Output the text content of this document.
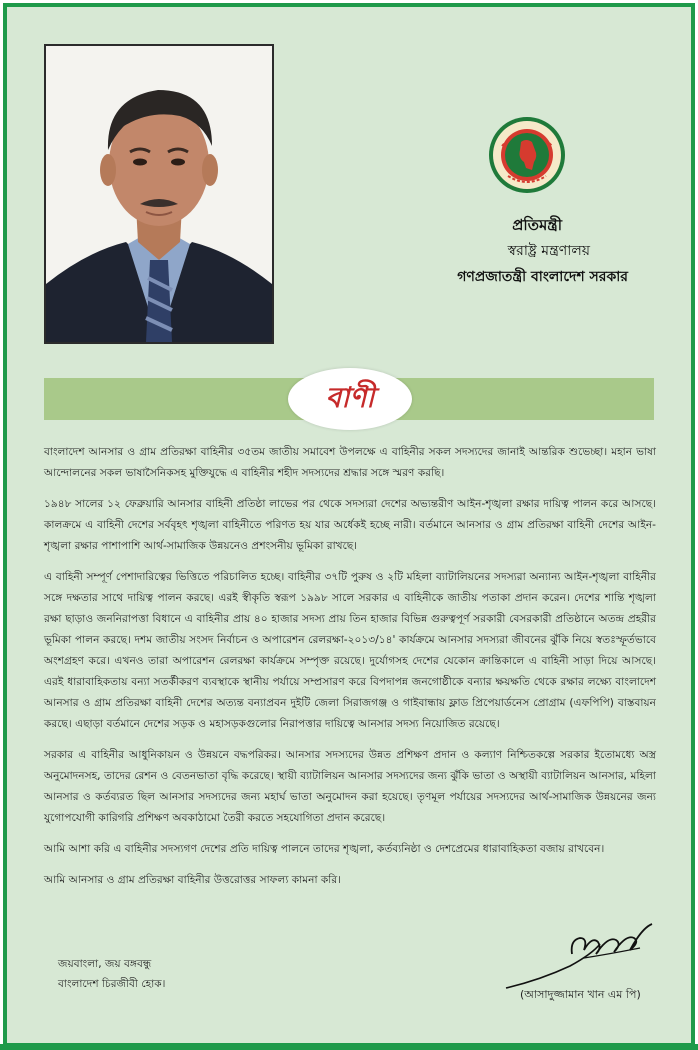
প্রতিমন্ত্রী
স্বরাষ্ট্র মন্ত্রণালয়
গণপ্রজাতন্ত্রী বাংলাদেশ সরকার
বাণী

বাংলাদেশ আনসার ও গ্রাম প্রতিরক্ষা বাহিনীর ৩৫তম জাতীয় সমাবেশ উপলক্ষে এ বাহিনীর সকল সদস্যদের জানাই আন্তরিক শুভেচ্ছা। মহান ভাষা আন্দোলনের সকল ভাষাসৈনিকসহ মুক্তিযুদ্ধে এ বাহিনীর শহীদ সদস্যদের শ্রদ্ধার সঙ্গে স্মরণ করছি।

১৯৪৮ সালের ১২ ফেব্রুয়ারি আনসার বাহিনী প্রতিষ্ঠা লাভের পর থেকে সদস্যরা দেশের অভ্যন্তরীণ আইন-শৃঙ্খলা রক্ষার দায়িত্ব পালন করে আসছে। কালক্রমে এ বাহিনী দেশের সর্ববৃহৎ শৃঙ্খলা বাহিনীতে পরিণত হয় যার অর্ধেকই হচ্ছে নারী। বর্তমানে আনসার ও গ্রাম প্রতিরক্ষা বাহিনী দেশের আইন-শৃঙ্খলা রক্ষার পাশাপাশি আর্থ-সামাজিক উন্নয়নেও প্রশংসনীয় ভূমিকা রাখছে।

এ বাহিনী সম্পূর্ণ পেশাদারিত্বের ভিত্তিতে পরিচালিত হচ্ছে। বাহিনীর ৩৭টি পুরুষ ও ২টি মহিলা ব্যাটালিয়নের সদস্যরা অন্যান্য আইন-শৃঙ্খলা বাহিনীর সঙ্গে দক্ষতার সাথে দায়িত্ব পালন করছে। এরই স্বীকৃতি স্বরূপ ১৯৯৮ সালে সরকার এ বাহিনীকে জাতীয় পতাকা প্রদান করেন। দেশের শান্তি শৃঙ্খলা রক্ষা ছাড়াও জননিরাপত্তা বিধানে এ বাহিনীর প্রায় ৪০ হাজার সদস্য প্রায় তিন হাজার বিভিন্ন গুরুত্বপূর্ণ সরকারী বেসরকারী প্রতিষ্ঠানে অতন্দ্র প্রহরীর ভূমিকা পালন করছে। দশম জাতীয় সংসদ নির্বাচন ও অপারেশন রেলরক্ষা-২০১৩/১৪' কার্যক্রমে আনসার সদস্যরা জীবনের ঝুঁকি নিয়ে স্বতঃস্ফূর্তভাবে অংশগ্রহণ করে। এখনও তারা অপারেশন রেলরক্ষা কার্যক্রমে সম্পৃক্ত রয়েছে। দুর্যোগসহ দেশের যেকোন ক্রান্তিকালে এ বাহিনী সাড়া দিয়ে আসছে। এরই ধারাবাহিকতায় বন্যা সতর্কীকরণ ব্যবস্থাকে স্থানীয় পর্যায়ে সম্প্রসারণ করে বিপদাপন্ন জনগোষ্ঠীকে বন্যার ক্ষয়ক্ষতি থেকে রক্ষার লক্ষ্যে বাংলাদেশ আনসার ও গ্রাম প্রতিরক্ষা বাহিনী দেশের অত্যন্ত বন্যাপ্রবন দুইটি জেলা সিরাজগঞ্জ ও গাইবান্ধায় ফ্লাড প্রিপেয়ার্ডনেস প্রোগ্রাম (এফপিপি) বাস্তবায়ন করছে। এছাড়া বর্তমানে দেশের সড়ক ও মহাসড়কগুলোর নিরাপত্তার দায়িত্বে আনসার সদস্য নিয়োজিত রয়েছে।

সরকার এ বাহিনীর আধুনিকায়ন ও উন্নয়নে বদ্ধপরিকর। আনসার সদস্যদের উন্নত প্রশিক্ষণ প্রদান ও কল্যাণ নিশ্চিতকল্পে সরকার ইতোমধ্যে অস্ত্র অনুমোদনসহ, তাদের রেশন ও বেতনভাতা বৃদ্ধি করেছে। স্থায়ী ব্যাটালিয়ন আনসার সদস্যদের জন্য ঝুঁকি ভাতা ও অস্থায়ী ব্যাটালিয়ন আনসার, মহিলা আনসার ও কর্তব্যরত ছিল আনসার সদস্যদের জন্য মহার্ঘ ভাতা অনুমোদন করা হয়েছে। তৃণমূল পর্যায়ের সদস্যদের আর্থ-সামাজিক উন্নয়নের জন্য যুগোপযোগী কারিগরি প্রশিক্ষণ অবকাঠামো তৈরী করতে সহযোগিতা প্রদান করেছে।

আমি আশা করি এ বাহিনীর সদস্যগণ দেশের প্রতি দায়িত্ব পালনে তাদের শৃঙ্খলা, কর্তব্যনিষ্ঠা ও দেশপ্রেমের ধারাবাহিকতা বজায় রাখবেন।

আমি আনসার ও গ্রাম প্রতিরক্ষা বাহিনীর উত্তরোত্তর সাফল্য কামনা করি।

জয়বাংলা, জয় বঙ্গবন্ধু
বাংলাদেশ চিরজীবী হোক।
(আসাদুজ্জামান খান এম পি)
